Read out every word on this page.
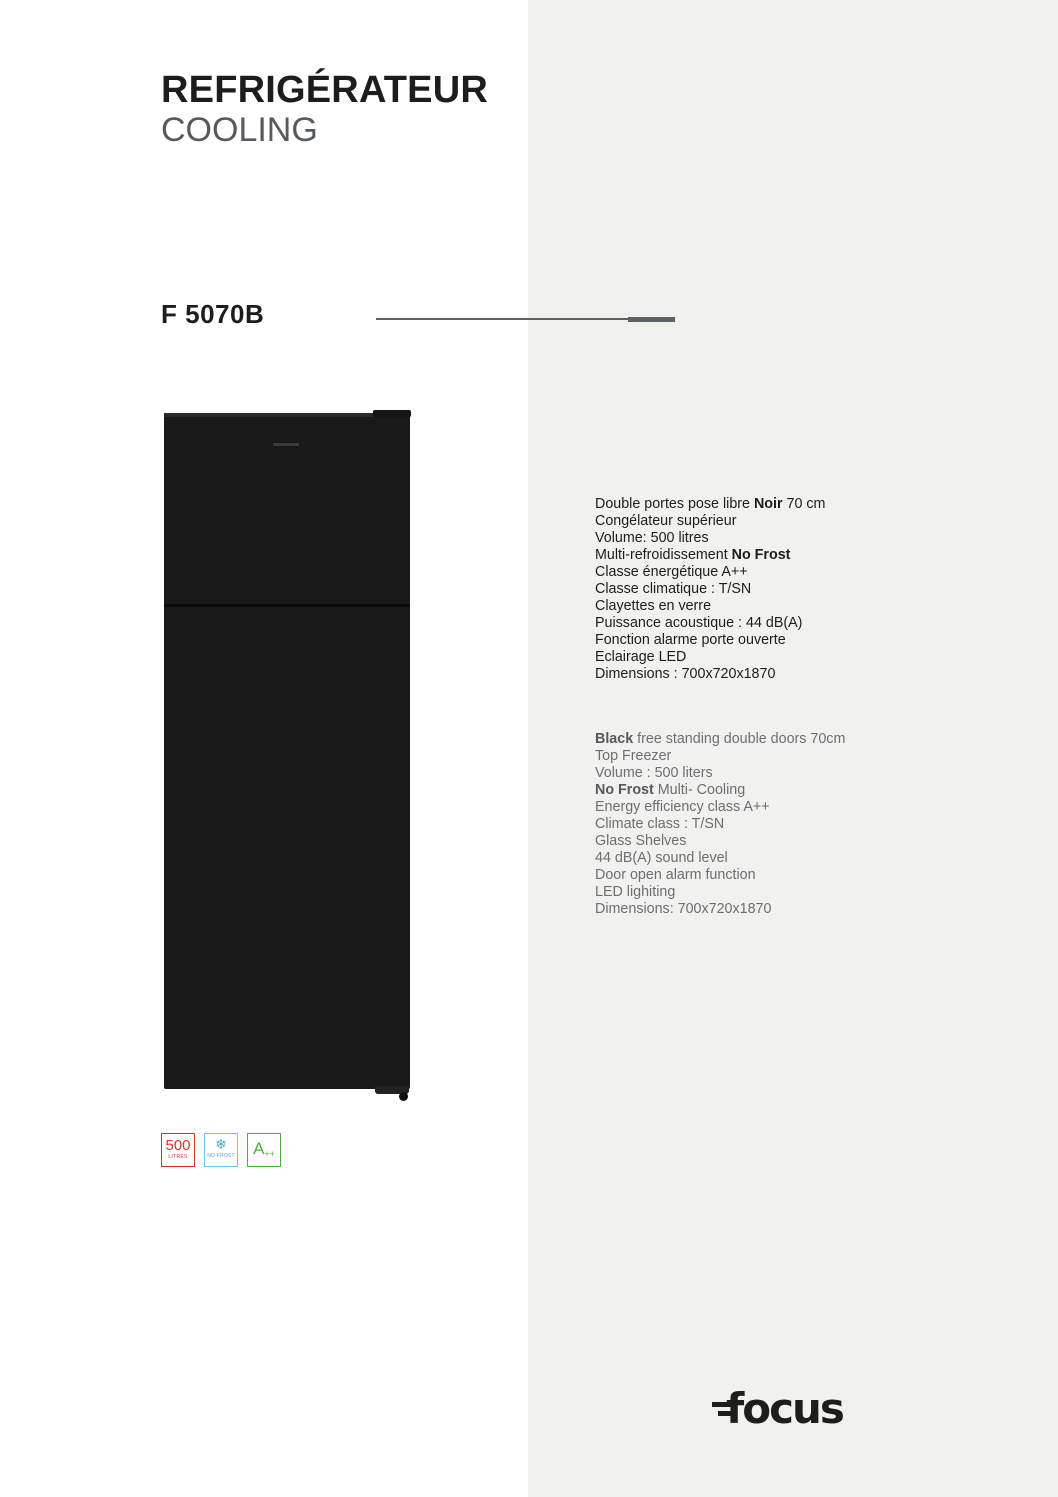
REFRIGÉRATEUR
COOLING
F 5070B
500
LITRES
❄
NO FROST $A_{++}$
Double portes pose libre Noir 70 cm
Congélateur supérieur
Volume: 500 litres
Multi-refroidissement No Frost
Classe énergétique A++
Classe climatique : T/SN
Clayettes en verre
Puissance acoustique : 44 dB(A)
Fonction alarme porte ouverte
Eclairage LED
Dimensions : 700x720x1870
Black free standing double doors 70cm
Top Freezer
Volume : 500 liters
No Frost Multi- Cooling
Energy efficiency class A++
Climate class : T/SN
Glass Shelves
44 dB(A) sound level
Door open alarm function
LED lighiting
Dimensions: 700x720x1870
focus
